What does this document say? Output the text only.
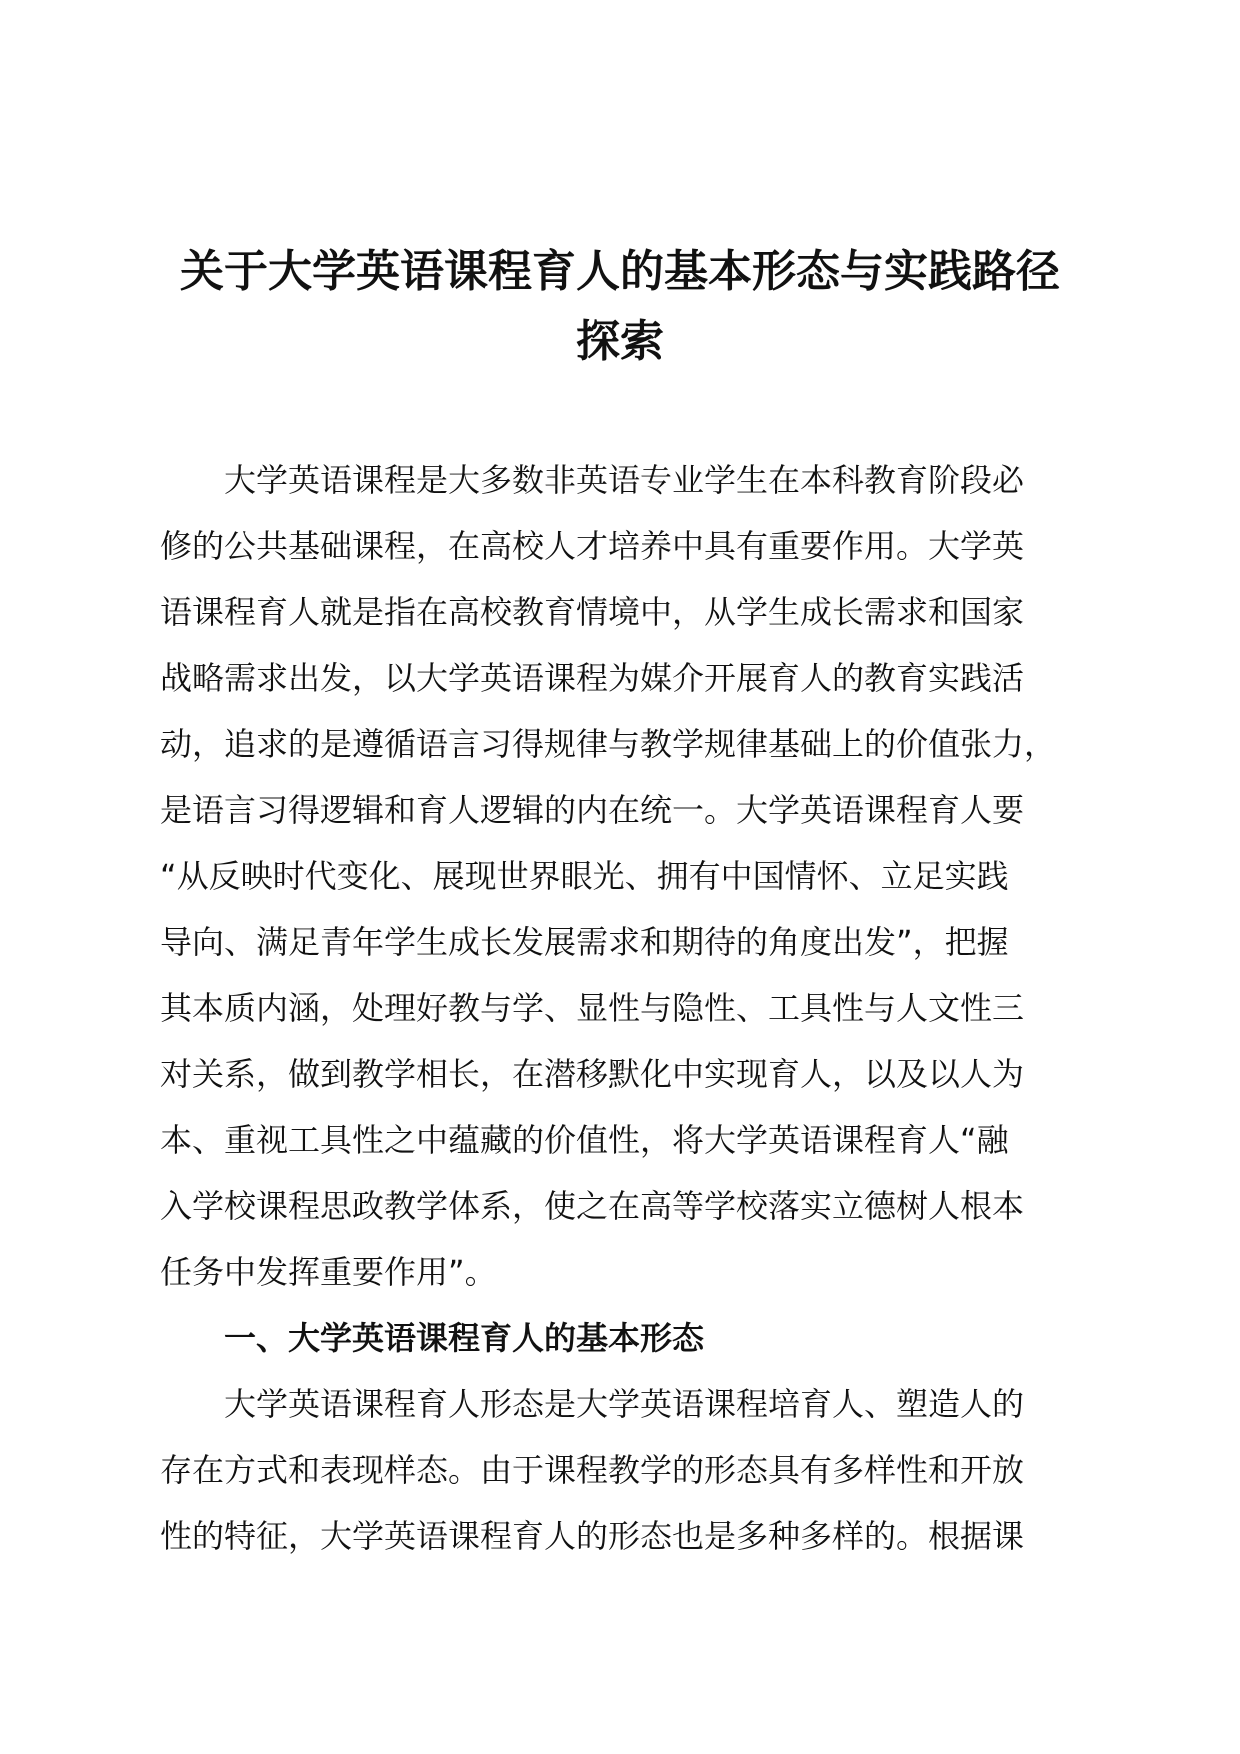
关于大学英语课程育人的基本形态与实践路径
探索
　　大学英语课程是大多数非英语专业学生在本科教育阶段必
修的公共基础课程，在高校人才培养中具有重要作用。大学英
语课程育人就是指在高校教育情境中，从学生成长需求和国家
战略需求出发，以大学英语课程为媒介开展育人的教育实践活
动，追求的是遵循语言习得规律与教学规律基础上的价值张力，
是语言习得逻辑和育人逻辑的内在统一。大学英语课程育人要
“从反映时代变化、展现世界眼光、拥有中国情怀、立足实践
导向、满足青年学生成长发展需求和期待的角度出发”，把握
其本质内涵，处理好教与学、显性与隐性、工具性与人文性三
对关系，做到教学相长，在潜移默化中实现育人，以及以人为
本、重视工具性之中蕴藏的价值性，将大学英语课程育人“融
入学校课程思政教学体系，使之在高等学校落实立德树人根本
任务中发挥重要作用”。
　　一、大学英语课程育人的基本形态
　　大学英语课程育人形态是大学英语课程培育人、塑造人的
存在方式和表现样态。由于课程教学的形态具有多样性和开放
性的特征，大学英语课程育人的形态也是多种多样的。根据课
